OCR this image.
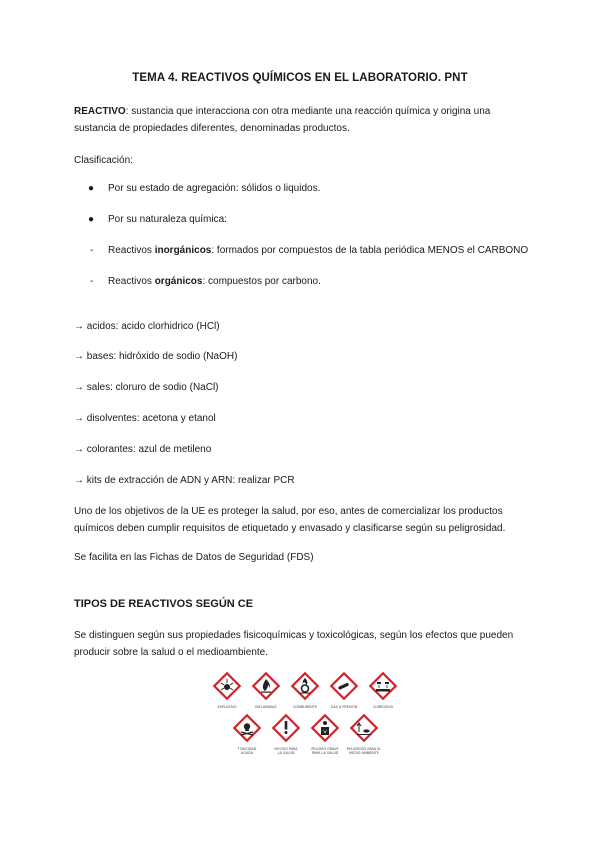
TEMA 4. REACTIVOS QUÍMICOS EN EL LABORATORIO. PNT
REACTIVO: sustancia que interacciona con otra mediante una reacción química y origina una sustancia de propiedades diferentes, denominadas productos.
Clasificación:
● Por su estado de agregación: sólidos o liquidos.
● Por su naturaleza química:
- Reactivos inorgánicos: formados por compuestos de la tabla periódica MENOS el CARBONO
- Reactivos orgánicos: compuestos por carbono.
→ acidos: acido clorhidrico (HCl)
→ bases: hidróxido de sodio (NaOH)
→ sales: cloruro de sodio (NaCl)
→ disolventes: acetona y etanol
→ colorantes: azul de metileno
→ kits de extracción de ADN y ARN: realizar PCR
Uno de los objetivos de la UE es proteger la salud, por eso, antes de comercializar los productos químicos deben cumplir requisitos de etiquetado y envasado y clasificarse según su peligrosidad.
Se facilita en las Fichas de Datos de Seguridad (FDS)
TIPOS DE REACTIVOS SEGÚN CE
Se distinguen según sus propiedades fisicoquímicas y toxicológicas, según los efectos que pueden producir sobre la salud o el medioambiente.
EXPLOSIVO	INFLAMABLE	COMBURENTE	GAS A PRESIÓN	CORROSIVO
TOXICIDAD
AGUDA
NOCIVO PARA
LA SALUD
PELIGRO GRAVE
PARA LA SALUD
PELIGROSO PARA EL
MEDIO AMBIENTE
